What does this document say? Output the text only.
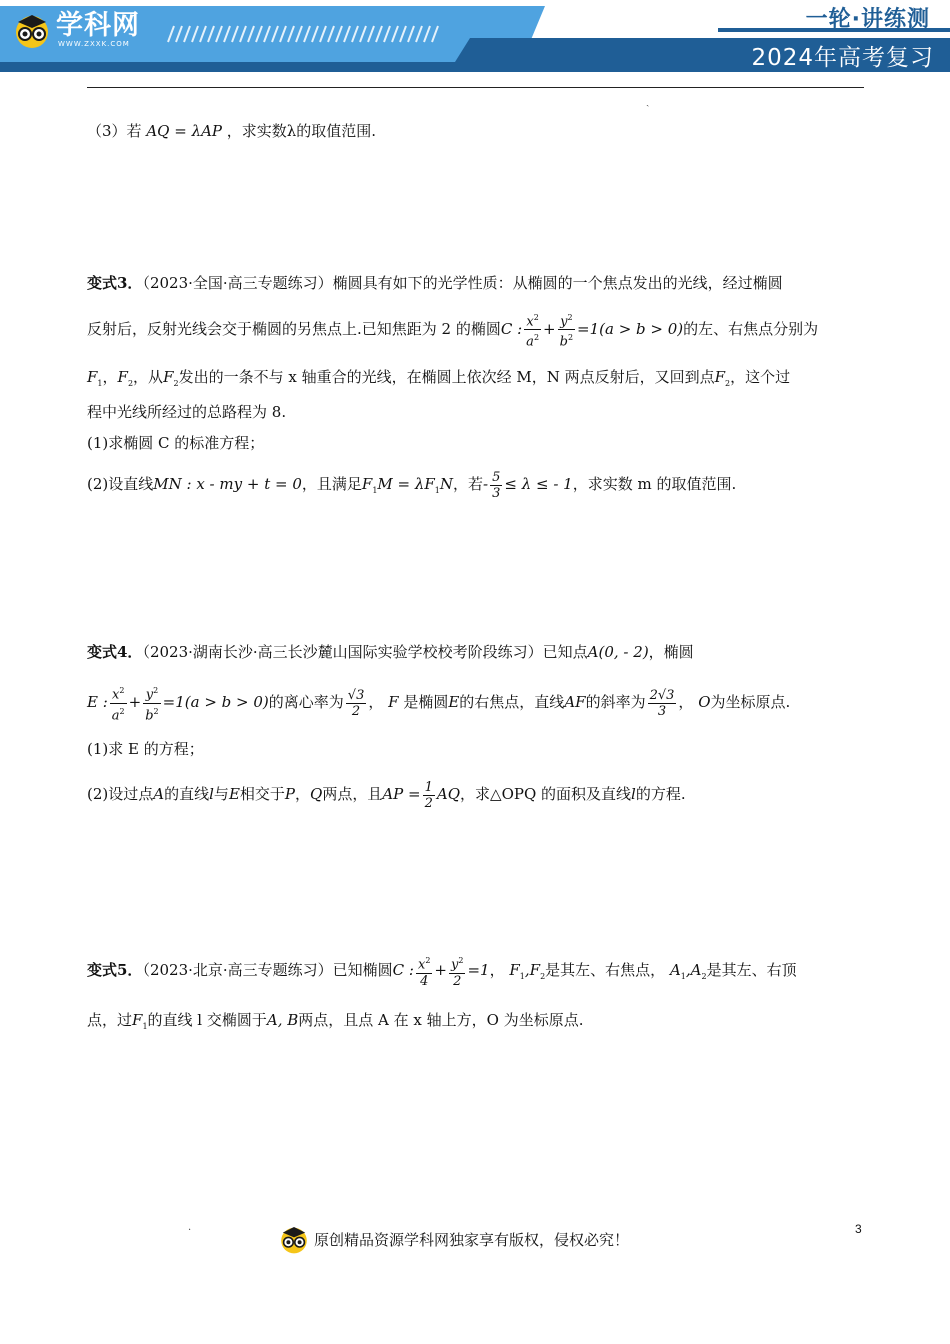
学科网
WWW.ZXXK.COM
一轮·讲练测
2024年高考复习
ˎ
（3）若 AQ = λAP ，求实数λ的取值范围.
变式3．（2023·全国·高三专题练习）椭圆具有如下的光学性质：从椭圆的一个焦点发出的光线，经过椭圆
反射后，反射光线会交于椭圆的另焦点上.已知焦距为 2 的椭圆C : $\frac{x^2}{a^2} + \frac{y^2}{b^2} =1(a > b > 0)$的左、右焦点分别为
$F_1$，$F_2$，从$F_2$发出的一条不与 x 轴重合的光线，在椭圆上依次经 M，N 两点反射后，又回到点$F_2$，这个过
程中光线所经过的总路程为 8.
(1)求椭圆 C 的标准方程；
(2)设直线MN : x - my + t = 0，且满足$F_1M = \lambda F_1N$，若- $\frac{5}{3} \le \lambda$ ≤ - 1，求实数 m 的取值范围.
变式4．（2023·湖南长沙·高三长沙麓山国际实验学校校考阶段练习）已知点A(0, - 2)，椭圆
E : $\frac{x^2}{a^2} + \frac{y^2}{b^2} =1(a > b > 0)$的离心率为 $\frac{√3}{2}$ ， F 是椭圆E的右焦点，直线AF的斜率为 $\frac{2√3}{3}$ ， O为坐标原点.
(1)求 E 的方程；
(2)设过点A的直线l与E相交于P，Q两点，且AP = $\frac{1}{2}$ AQ，求△OPQ 的面积及直线l的方程.
变式5．（2023·北京·高三专题练习）已知椭圆C : $\frac{x^2}{4} + \frac{y^2}{2} =1$， $F_1,F_2$是其左、右焦点， $A_1,A_2$是其左、右顶
点，过$F_1$的直线 l 交椭圆于A, B两点，且点 A 在 x 轴上方，O 为坐标原点.
.
原创精品资源学科网独家享有版权，侵权必究！
3
